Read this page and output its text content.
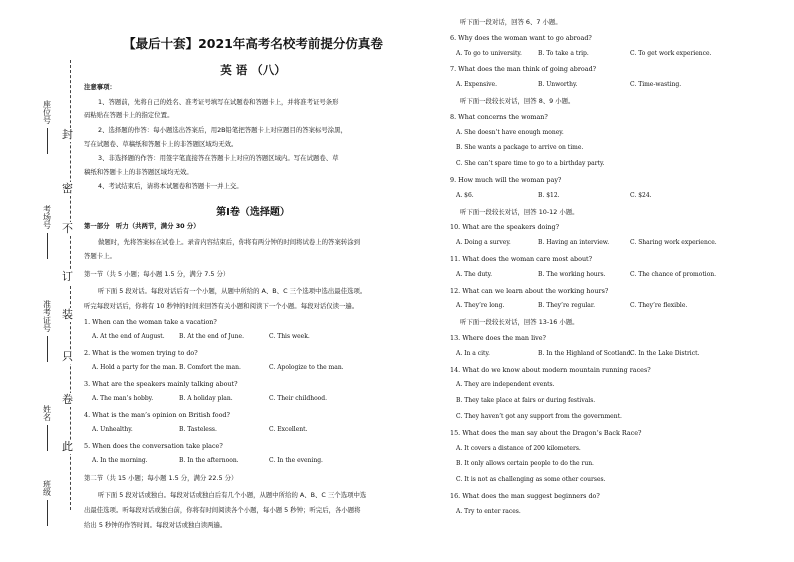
封
密
不
订
装
只
卷
此
座位号
考场号
准考证号
姓名
班级
【最后十套】2021年高考名校考前提分仿真卷
英 语 （八）
注意事项：
1、答题前，先将自己的姓名、准考证号填写在试题卷和答题卡上，并将准考证号条形
码粘贴在答题卡上的指定位置。
2、选择题的作答：每小题选出答案后，用2B铅笔把答题卡上对应题目的答案标号涂黑，
写在试题卷、草稿纸和答题卡上的非答题区域均无效。
3、非选择题的作答：用签字笔直接答在答题卡上对应的答题区域内。写在试题卷、草
稿纸和答题卡上的非答题区域均无效。
4、考试结束后，请将本试题卷和答题卡一并上交。
第Ⅰ卷（选择题）
第一部分　听力（共两节，满分 30 分）
做题时，先将答案标在试卷上。录音内容结束后，你将有两分钟的时间将试卷上的答案转涂到
答题卡上。
第一节（共 5 小题；每小题 1.5 分，满分 7.5 分）
听下面 5 段对话。每段对话后有一个小题，从题中所给的 A、B、C 三个选项中选出最佳选项。
听完每段对话后，你将有 10 秒钟的时间来回答有关小题和阅读下一个小题。每段对话仅读一遍。
1. When can the woman take a vacation?
A. At the end of August. B. At the end of June.	C. This week.
2. What is the women trying to do?
A. Hold a party for the man. B. Comfort the man.	C. Apologize to the man.
3. What are the speakers mainly talking about?
A. The man’s hobby.	B. A holiday plan.	C. Their childhood.
4. What is the man’s opinion on British food?
A. Unhealthy.	B. Tasteless.	C. Excellent.
5. When does the conversation take place?
A. In the morning.	B. In the afternoon.	C. In the evening.
第二节（共 15 小题；每小题 1.5 分，满分 22.5 分）
听下面 5 段对话或独白。每段对话或独白后有几个小题，从题中所给的 A、B、C 三个选项中选
出最佳选项。听每段对话或独白前，你将有时间阅读各个小题，每小题 5 秒钟；听完后，各小题将
给出 5 秒钟的作答时间。每段对话或独白读两遍。
听下面一段对话，回答 6、7 小题。
6. Why does the woman want to go abroad?
A. To go to university.	B. To take a trip.	C. To get work experience.
7. What does the man think of going abroad?
A. Expensive.	B. Unworthy.	C. Time-wasting.
听下面一段较长对话，回答 8、9 小题。
8. What concerns the woman?
A. She doesn’t have enough money.
B. She wants a package to arrive on time.
C. She can’t spare time to go to a birthday party.
9. How much will the woman pay?
A. $6.	B. $12.	C. $24.
听下面一段较长对话，回答 10-12 小题。
10. What are the speakers doing?
A. Doing a survey.	B. Having an interview.	C. Sharing work experience.
11. What does the woman care most about?
A. The duty.	B. The working hours.	C. The chance of promotion.
12. What can we learn about the working hours?
A. They’re long.	B. They’re regular.	C. They’re flexible.
听下面一段较长对话，回答 13-16 小题。
13. Where does the man live?
A. In a city.	B. In the Highland of Scotland.
C. In the Lake District.
14. What do we know about modern mountain running races?
A. They are independent events.
B. They take place at fairs or during festivals.
C. They haven’t got any support from the government.
15. What does the man say about the Dragon’s Back Race?
A. It covers a distance of 200 kilometers.
B. It only allows certain people to do the run.
C. It is not as challenging as some other courses.
16. What does the man suggest beginners do?
A. Try to enter races.
